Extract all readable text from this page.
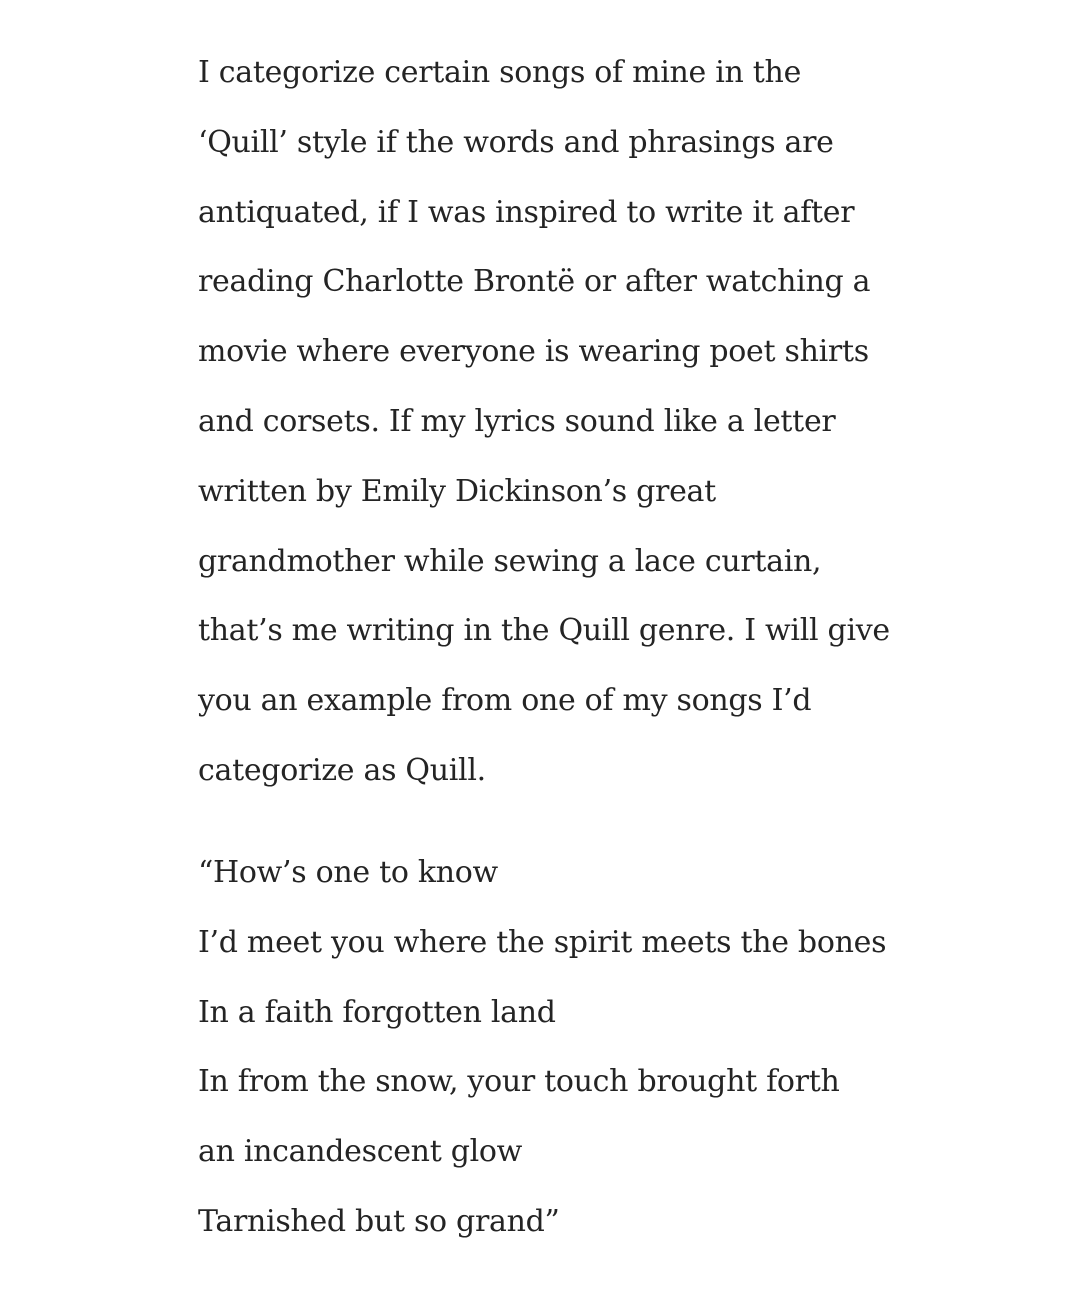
I categorize certain songs of mine in the
‘Quill’ style if the words and phrasings are
antiquated, if I was inspired to write it after
reading Charlotte Brontë or after watching a
movie where everyone is wearing poet shirts
and corsets. If my lyrics sound like a letter
written by Emily Dickinson’s great
grandmother while sewing a lace curtain,
that’s me writing in the Quill genre. I will give
you an example from one of my songs I’d
categorize as Quill.

“How’s one to know
I’d meet you where the spirit meets the bones
In a faith forgotten land
In from the snow, your touch brought forth
an incandescent glow
Tarnished but so grand”
